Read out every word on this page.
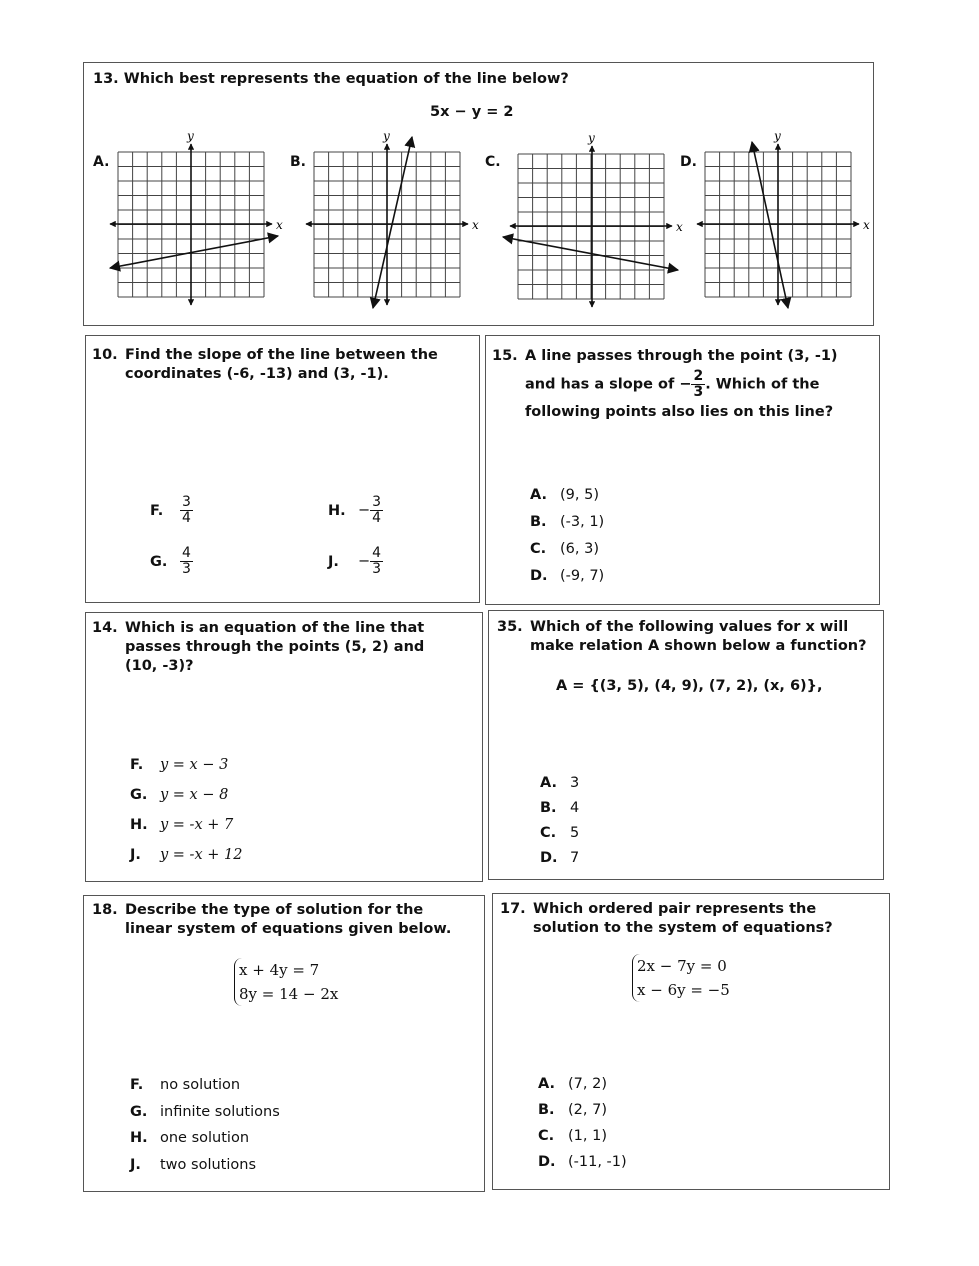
13. Which best represents the equation of the line below?
5x − y = 2
A.	B.	C.	D.
x
y
x
y
x
y
x
y
10. Find the slope of the line between the coordinates (-6, -13) and (3, -1).
F. $\frac{3}{4}$	H. − $\frac{3}{4}$
G. $\frac{4}{3}$	J. − $\frac{4}{3}$
15. A line passes through the point (3, -1)
and has a slope of − $\frac{2}{3}$ . Which of the
following points also lies on this line?
A. (9, 5)
B. (-3, 1)
C. (6, 3)
D. (-9, 7)
14. Which is an equation of the line that passes through the points (5, 2) and (10, -3)?
F. y = x − 3
G. y = x − 8
H. y = -x + 7
J. y = -x + 12
35. Which of the following values for x will make relation A shown below a function?
A = {(3, 5), (4, 9), (7, 2), (x, 6)},
A. 3
B. 4
C. 5
D. 7
18. Describe the type of solution for the linear system of equations given below.
x + 4y = 7
8y = 14 − 2x
F. no solution
G. infinite solutions
H. one solution
J. two solutions
17. Which ordered pair represents the solution to the system of equations?
2x − 7y = 0
x − 6y = −5
A. (7, 2)
B. (2, 7)
C. (1, 1)
D. (-11, -1)
